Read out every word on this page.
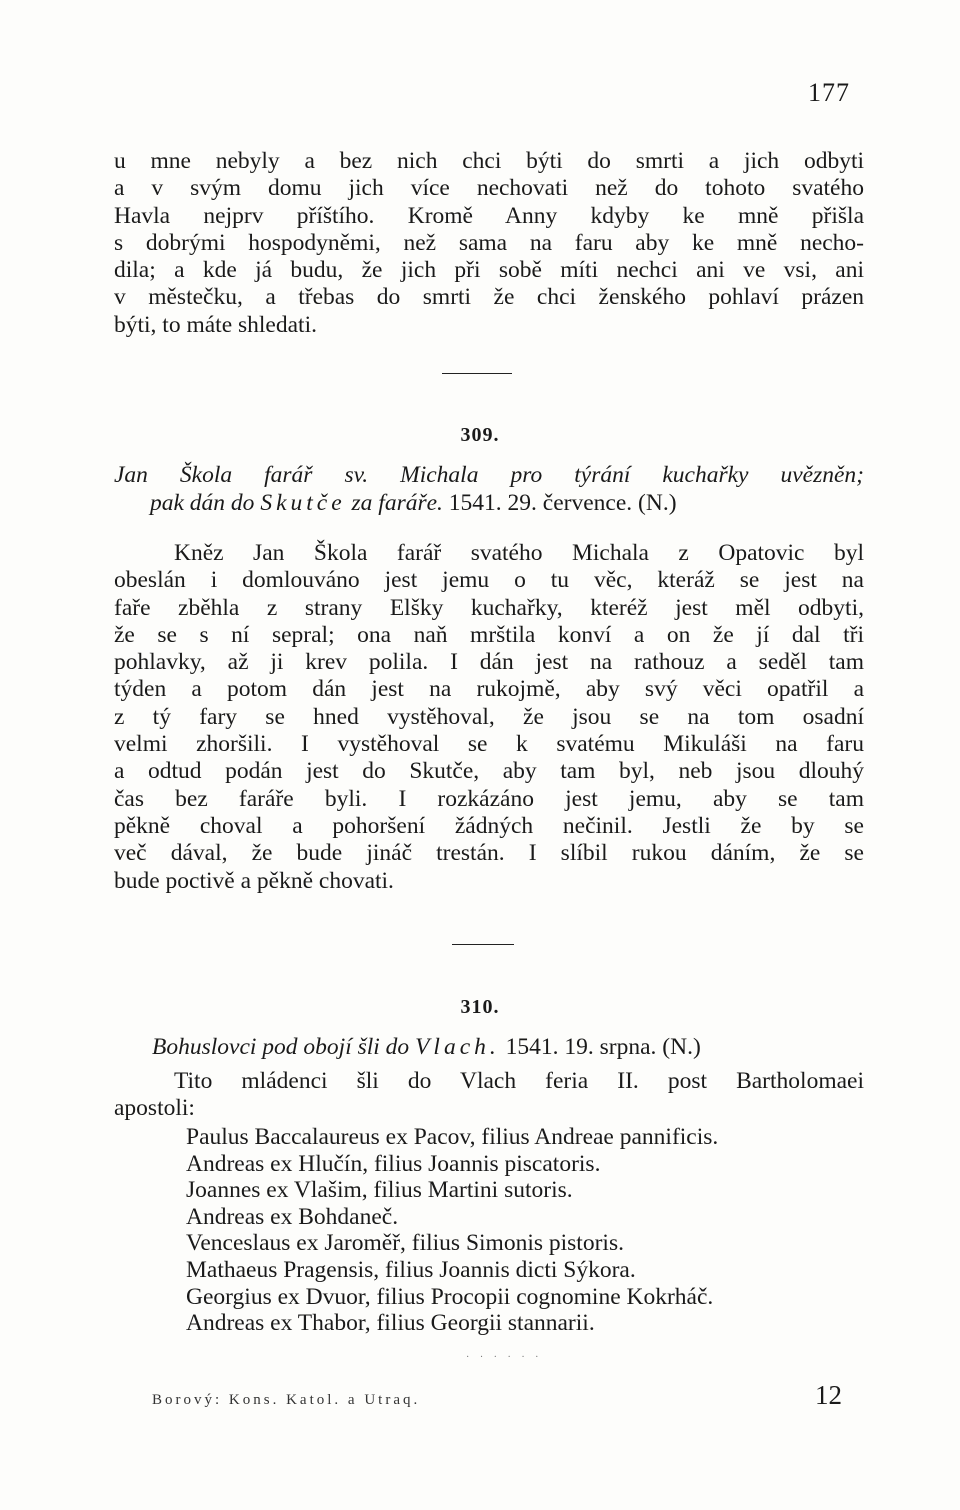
177

u mne nebyly a bez nich chci býti do smrti a jich odbyti

a v svým domu jich více nechovati než do tohoto svatého

Havla nejprv příštího. Kromě Anny kdyby ke mně přišla

s dobrými hospodyněmi, než sama na faru aby ke mně necho-

dila; a kde já budu, že jich při sobě míti nechci ani ve vsi, ani

v městečku, a třebas do smrti že chci ženského pohlaví prázen

býti, to máte shledati.

309.
Jan Škola farář sv. Michala pro týrání kuchařky uvězněn;
pak dán do Skutče za faráře. 1541. 29. července. (N.)

Kněz Jan Škola farář svatého Michala z Opatovic byl

obeslán i domlouváno jest jemu o tu věc, kteráž se jest na

faře zběhla z strany Elšky kuchařky, kteréž jest měl odbyti,

že se s ní sepral; ona naň mrštila konví a on že jí dal tři

pohlavky, až ji krev polila. I dán jest na rathouz a seděl tam

týden a potom dán jest na rukojmě, aby svý věci opatřil a

z tý fary se hned vystěhoval, že jsou se na tom osadní

velmi zhoršili. I vystěhoval se k svatému Mikuláši na faru

a odtud podán jest do Skutče, aby tam byl, neb jsou dlouhý

čas bez faráře byli. I rozkázáno jest jemu, aby se tam

pěkně choval a pohoršení žádných nečinil. Jestli že by se

več dával, že bude jináč trestán. I slíbil rukou dáním, že se

bude poctivě a pěkně chovati.

310.
Bohuslovci pod obojí šli do Vlach. 1541. 19. srpna. (N.)

Tito mládenci šli do Vlach feria II. post Bartholomaei

apostoli:

Paulus Baccalaureus ex Pacov, filius Andreae pannificis.
Andreas ex Hlučín, filius Joannis piscatoris.
Joannes ex Vlašim, filius Martini sutoris.
Andreas ex Bohdaneč.
Venceslaus ex Jaroměř, filius Simonis pistoris.
Mathaeus Pragensis, filius Joannis dicti Sýkora.
Georgius ex Dvuor, filius Procopii cognomine Kokrháč.
Andreas ex Thabor, filius Georgii stannarii.
· · · · · ·
Borový: Kons. Katol. a Utraq.	12
